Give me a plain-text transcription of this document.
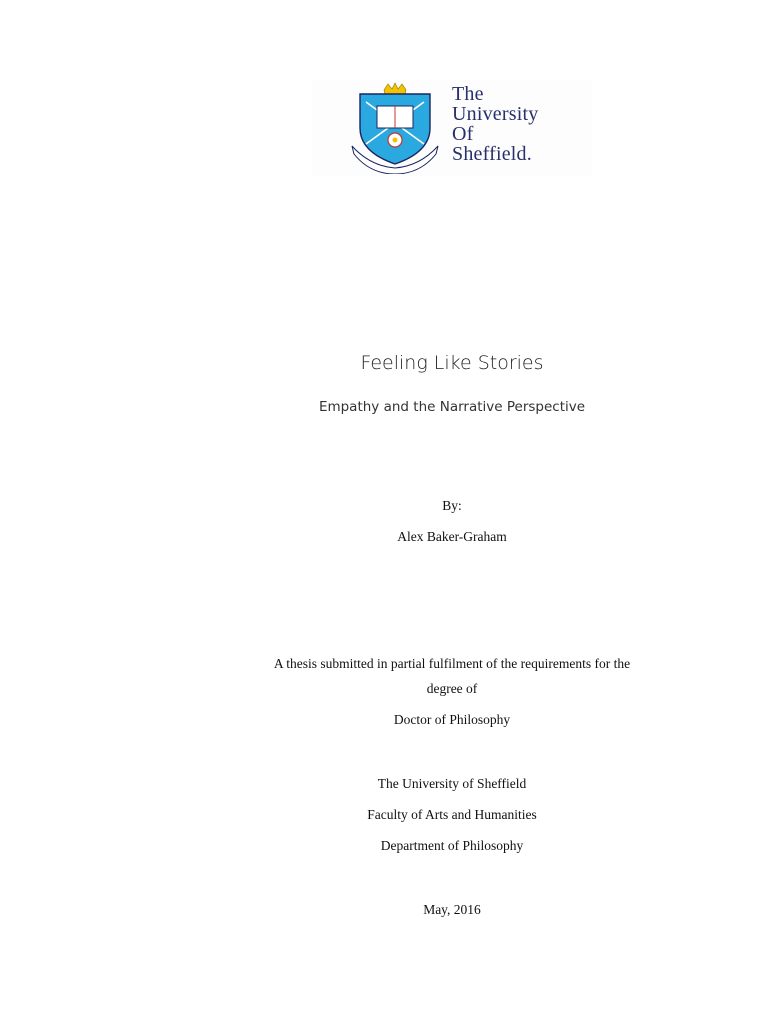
The
University
Of
Sheffield.
Feeling Like Stories
Empathy and the Narrative Perspective
By:
Alex Baker-Graham
A thesis submitted in partial fulfilment of the requirements for the
degree of
Doctor of Philosophy
The University of Sheffield
Faculty of Arts and Humanities
Department of Philosophy
May, 2016
